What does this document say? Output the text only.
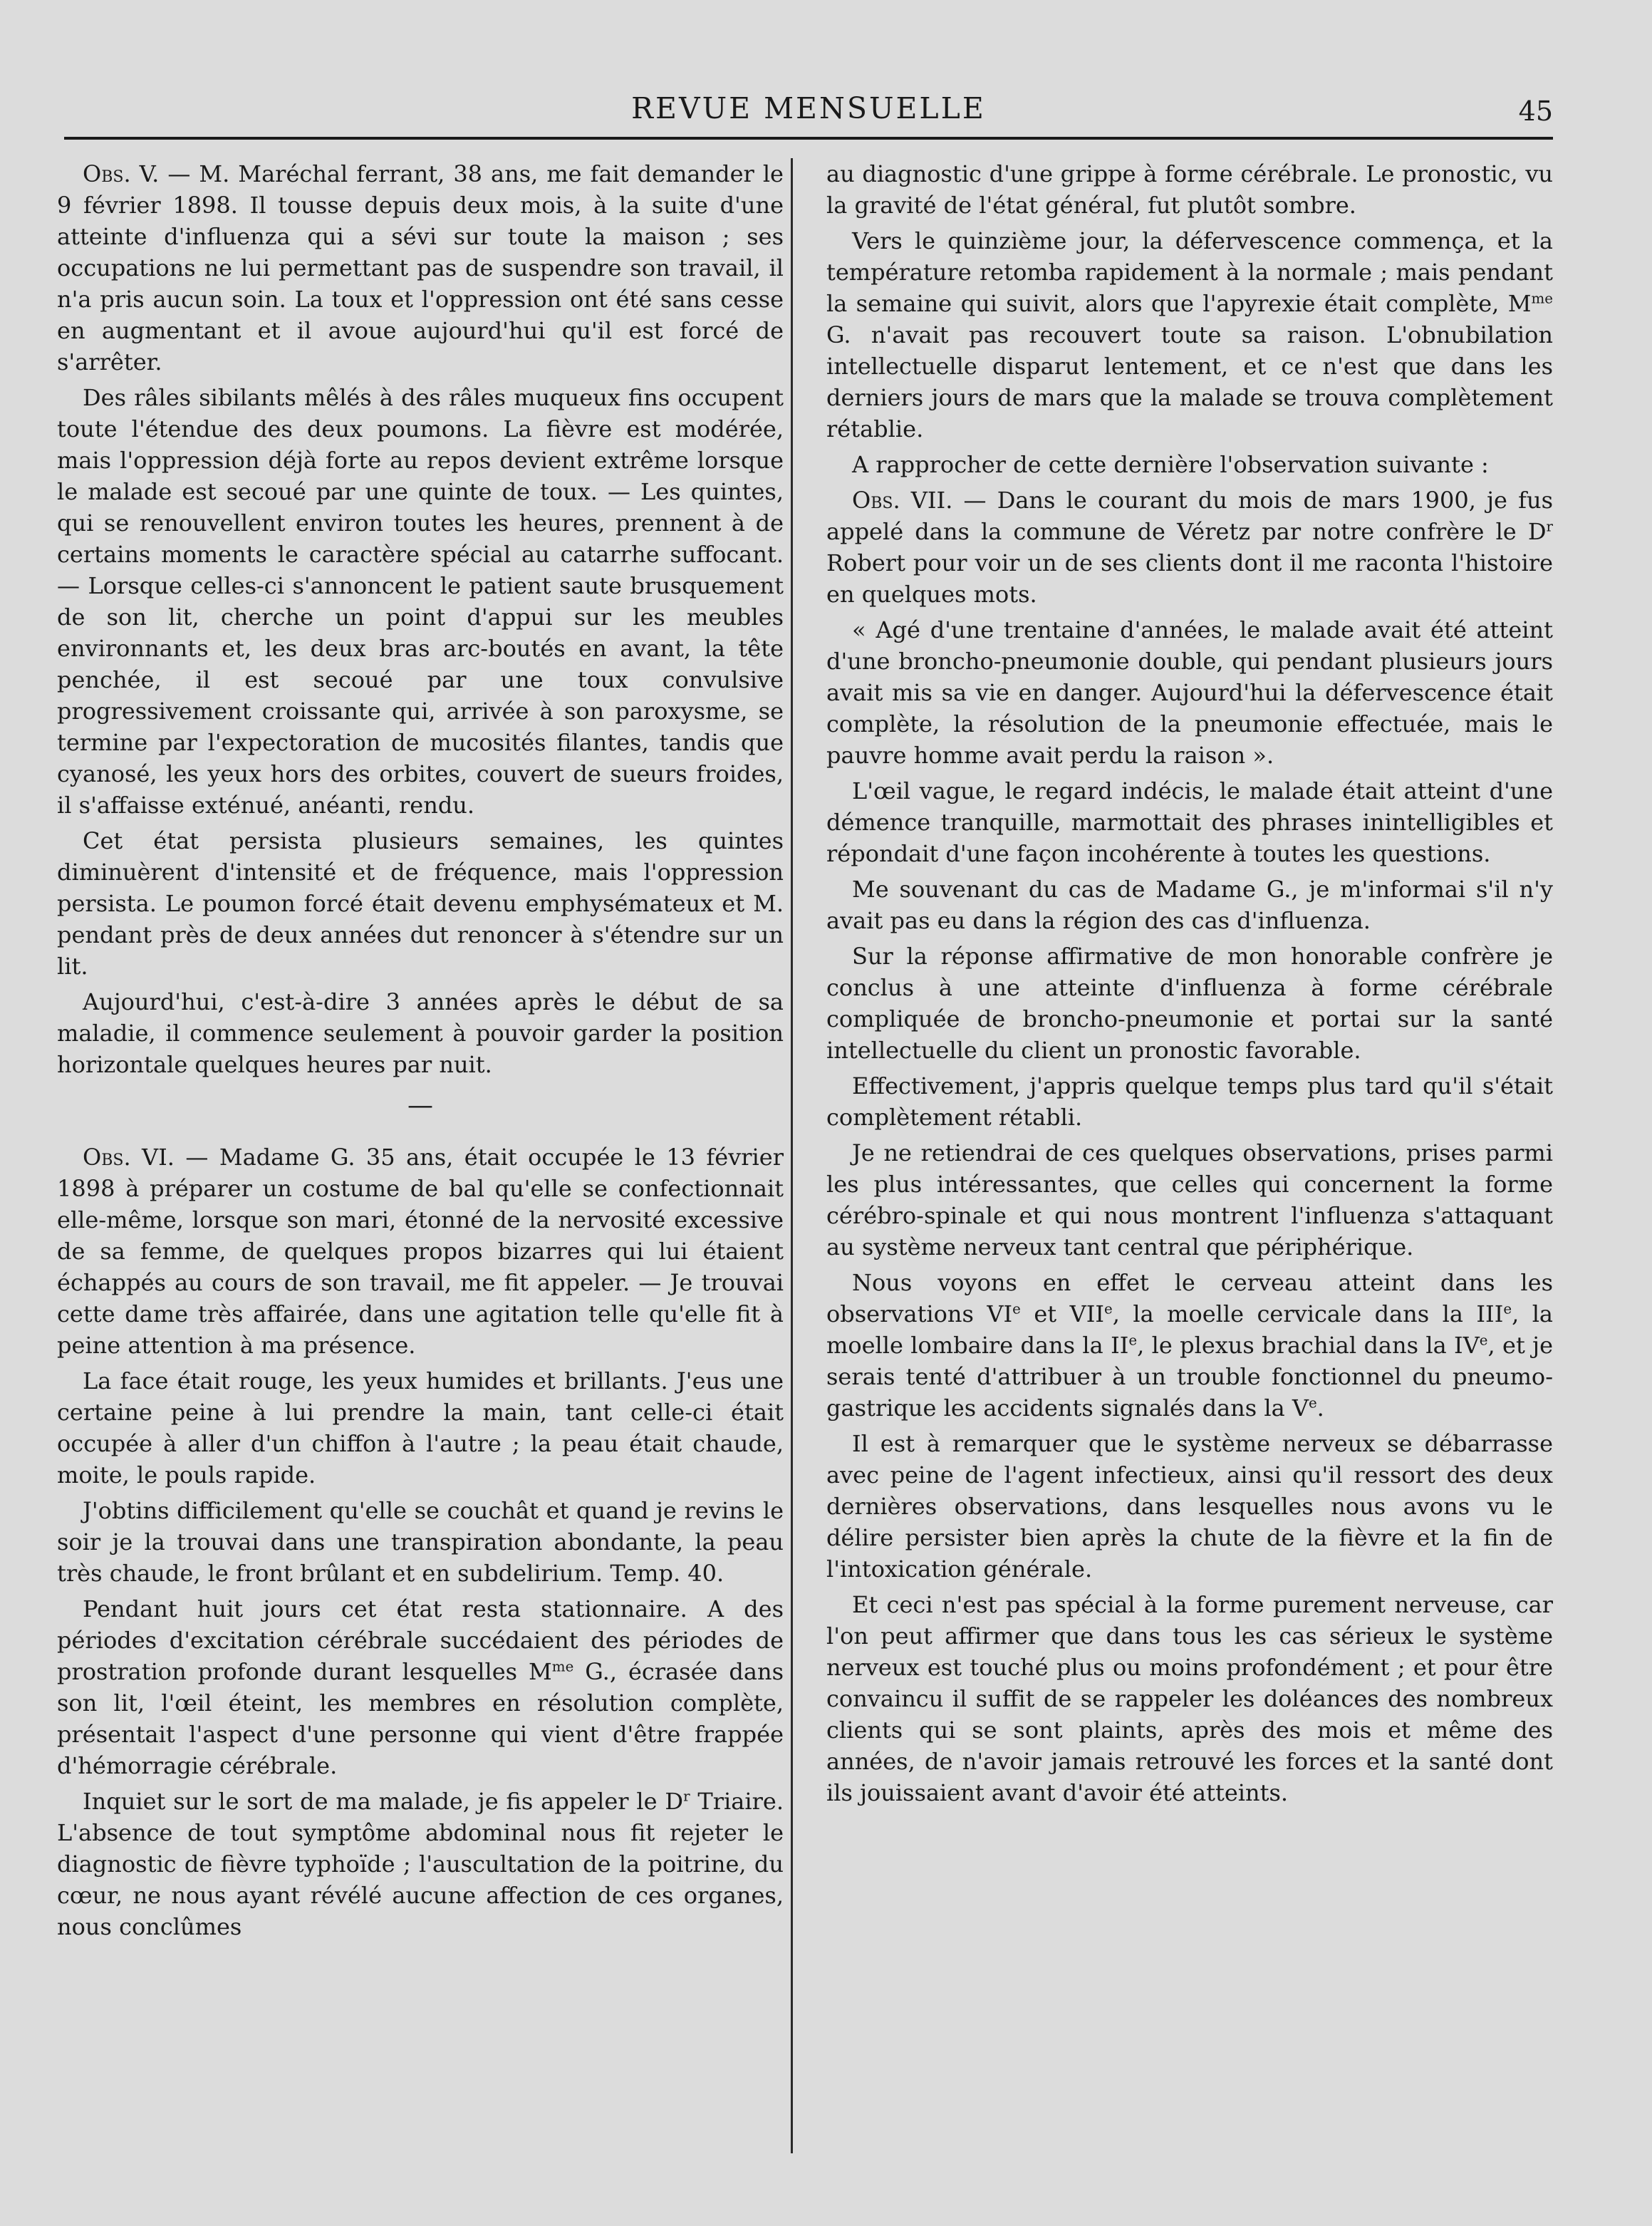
REVUE MENSUELLE	45

Obs. V. — M. Maréchal ferrant, 38 ans, me fait demander le 9 février 1898. Il tousse depuis deux mois, à la suite d'une atteinte d'influenza qui a sévi sur toute la maison ; ses occupations ne lui permettant pas de suspendre son travail, il n'a pris aucun soin. La toux et l'oppression ont été sans cesse en augmentant et il avoue aujourd'hui qu'il est forcé de s'arrêter.

Des râles sibilants mêlés à des râles muqueux fins occupent toute l'étendue des deux poumons. La fièvre est modérée, mais l'oppression déjà forte au repos devient extrême lorsque le malade est secoué par une quinte de toux. — Les quintes, qui se renouvellent environ toutes les heures, prennent à de certains moments le caractère spécial au catarrhe suffocant. — Lorsque celles-ci s'annoncent le patient saute brusquement de son lit, cherche un point d'appui sur les meubles environnants et, les deux bras arc-boutés en avant, la tête penchée, il est secoué par une toux convulsive progressivement croissante qui, arrivée à son paroxysme, se termine par l'expectoration de mucosités filantes, tandis que cyanosé, les yeux hors des orbites, couvert de sueurs froides, il s'affaisse exténué, anéanti, rendu.

Cet état persista plusieurs semaines, les quintes diminuèrent d'intensité et de fréquence, mais l'oppression persista. Le poumon forcé était devenu emphysémateux et M. pendant près de deux années dut renoncer à s'étendre sur un lit.

Aujourd'hui, c'est-à-dire 3 années après le début de sa maladie, il commence seulement à pouvoir garder la position horizontale quelques heures par nuit.

—

Obs. VI. — Madame G. 35 ans, était occupée le 13 février 1898 à préparer un costume de bal qu'elle se confectionnait elle-même, lorsque son mari, étonné de la nervosité excessive de sa femme, de quelques propos bizarres qui lui étaient échappés au cours de son travail, me fit appeler. — Je trouvai cette dame très affairée, dans une agitation telle qu'elle fit à peine attention à ma présence.

La face était rouge, les yeux humides et brillants. J'eus une certaine peine à lui prendre la main, tant celle-ci était occupée à aller d'un chiffon à l'autre ; la peau était chaude, moite, le pouls rapide.

J'obtins difficilement qu'elle se couchât et quand je revins le soir je la trouvai dans une transpiration abondante, la peau très chaude, le front brûlant et en subdelirium. Temp. 40.

Pendant huit jours cet état resta stationnaire. A des périodes d'excitation cérébrale succédaient des périodes de prostration profonde durant lesquelles $M^{me}$ G., écrasée dans son lit, l'œil éteint, les membres en résolution complète, présentait l'aspect d'une personne qui vient d'être frappée d'hémorragie cérébrale.

Inquiet sur le sort de ma malade, je fis appeler le $D^r$ Triaire. L'absence de tout symptôme abdominal nous fit rejeter le diagnostic de fièvre typhoïde ; l'auscultation de la poitrine, du cœur, ne nous ayant révélé aucune affection de ces organes, nous conclûmes

au diagnostic d'une grippe à forme cérébrale. Le pronostic, vu la gravité de l'état général, fut plutôt sombre.

Vers le quinzième jour, la défervescence commença, et la température retomba rapidement à la normale ; mais pendant la semaine qui suivit, alors que l'apyrexie était complète, $M^{me}$ G. n'avait pas recouvert toute sa raison. L'obnubilation intellectuelle disparut lentement, et ce n'est que dans les derniers jours de mars que la malade se trouva complètement rétablie.

A rapprocher de cette dernière l'observation suivante :

Obs. VII. — Dans le courant du mois de mars 1900, je fus appelé dans la commune de Véretz par notre confrère le $D^r$ Robert pour voir un de ses clients dont il me raconta l'histoire en quelques mots.

« Agé d'une trentaine d'années, le malade avait été atteint d'une broncho-pneumonie double, qui pendant plusieurs jours avait mis sa vie en danger. Aujourd'hui la défervescence était complète, la résolution de la pneumonie effectuée, mais le pauvre homme avait perdu la raison ».

L'œil vague, le regard indécis, le malade était atteint d'une démence tranquille, marmottait des phrases inintelligibles et répondait d'une façon incohérente à toutes les questions.

Me souvenant du cas de Madame G., je m'informai s'il n'y avait pas eu dans la région des cas d'influenza.

Sur la réponse affirmative de mon honorable confrère je conclus à une atteinte d'influenza à forme cérébrale compliquée de broncho-pneumonie et portai sur la santé intellectuelle du client un pronostic favorable.

Effectivement, j'appris quelque temps plus tard qu'il s'était complètement rétabli.

Je ne retiendrai de ces quelques observations, prises parmi les plus intéressantes, que celles qui concernent la forme cérébro-spinale et qui nous montrent l'influenza s'attaquant au système nerveux tant central que périphérique.

Nous voyons en effet le cerveau atteint dans les observations VIe et VIIe, la moelle cervicale dans la IIIe, la moelle lombaire dans la IIe, le plexus brachial dans la IVe, et je serais tenté d'attribuer à un trouble fonctionnel du pneumo-gastrique les accidents signalés dans la Ve.

Il est à remarquer que le système nerveux se débarrasse avec peine de l'agent infectieux, ainsi qu'il ressort des deux dernières observations, dans lesquelles nous avons vu le délire persister bien après la chute de la fièvre et la fin de l'intoxication générale.

Et ceci n'est pas spécial à la forme purement nerveuse, car l'on peut affirmer que dans tous les cas sérieux le système nerveux est touché plus ou moins profondément ; et pour être convaincu il suffit de se rappeler les doléances des nombreux clients qui se sont plaints, après des mois et même des années, de n'avoir jamais retrouvé les forces et la santé dont ils jouissaient avant d'avoir été atteints.
